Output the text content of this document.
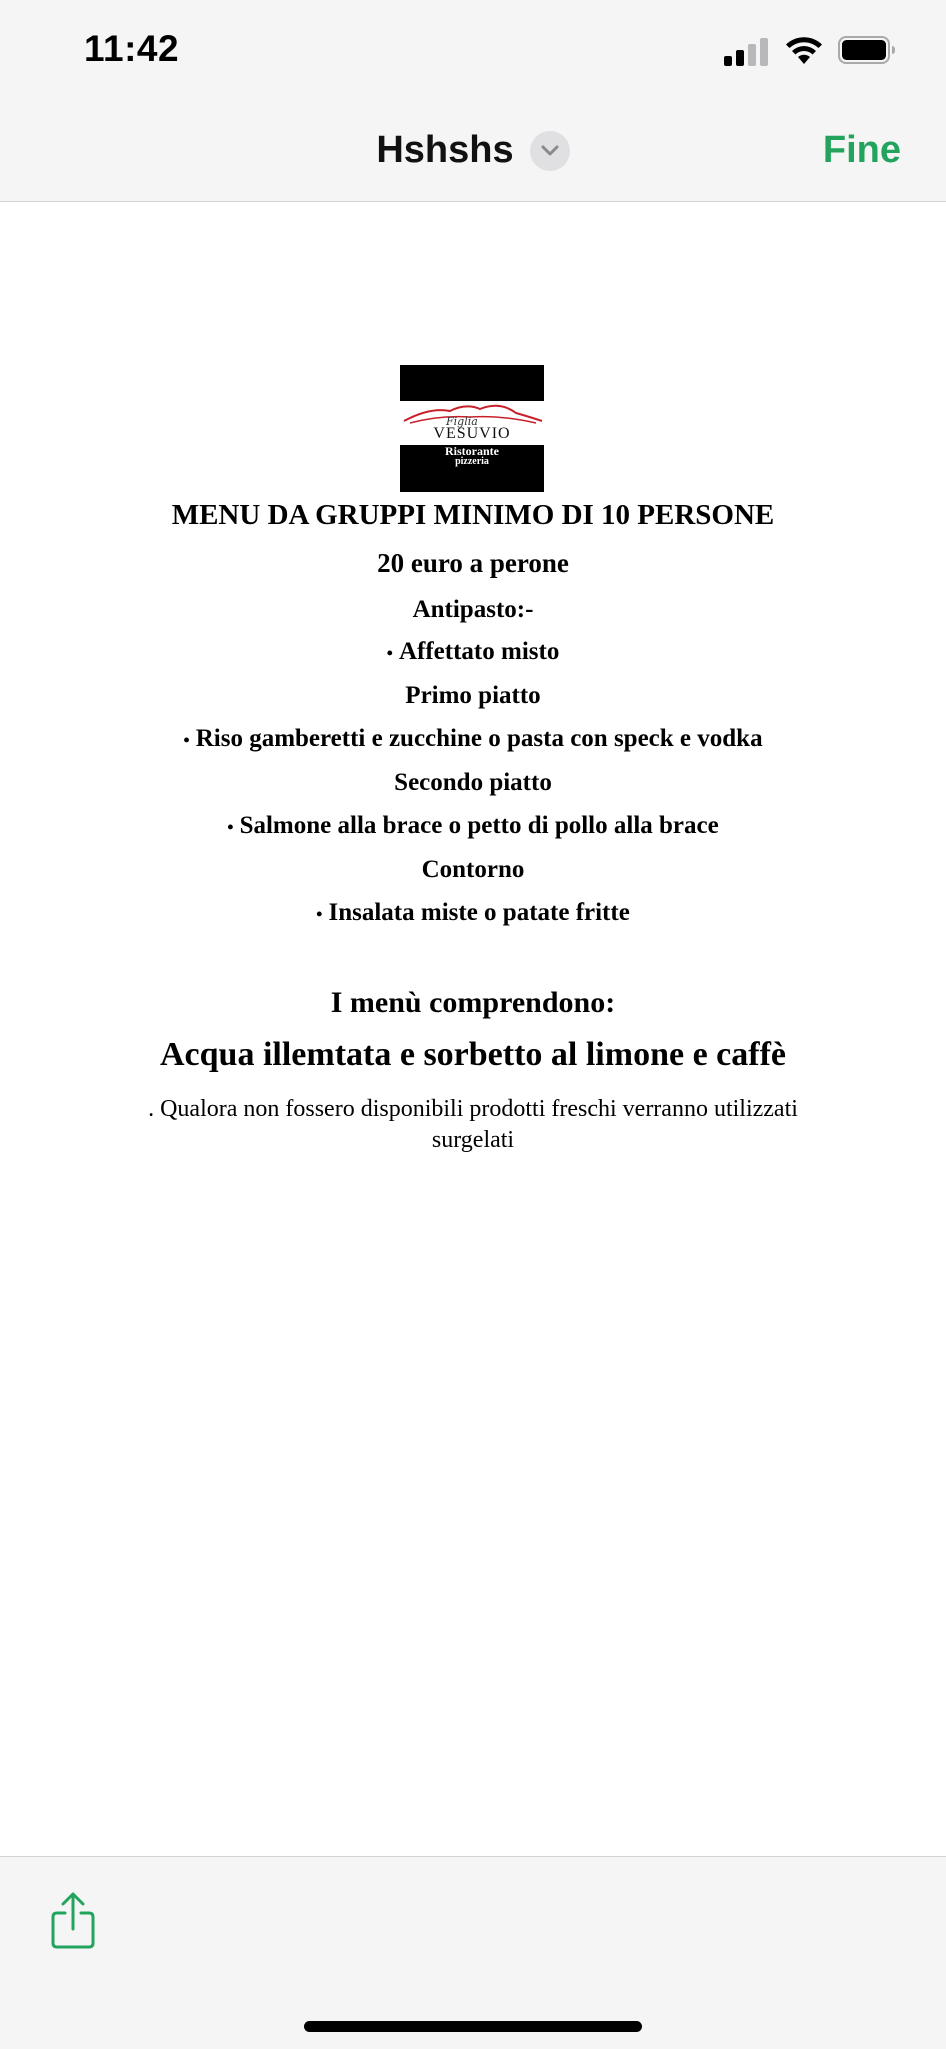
11:42
Hshshs	Fine
Figlia
VESUVIO
Ristorante
pizzeria
MENU DA GRUPPI MINIMO DI 10 PERSONE
20 euro a perone
Antipasto:-
• Affettato misto
Primo piatto
• Riso gamberetti e zucchine o pasta con speck e vodka
Secondo piatto
• Salmone alla brace o petto di pollo alla brace
Contorno
• Insalata miste o patate fritte
I menù comprendono:
Acqua illemtata e sorbetto al limone e caffè
. Qualora non fossero disponibili prodotti freschi verranno utilizzati surgelati
